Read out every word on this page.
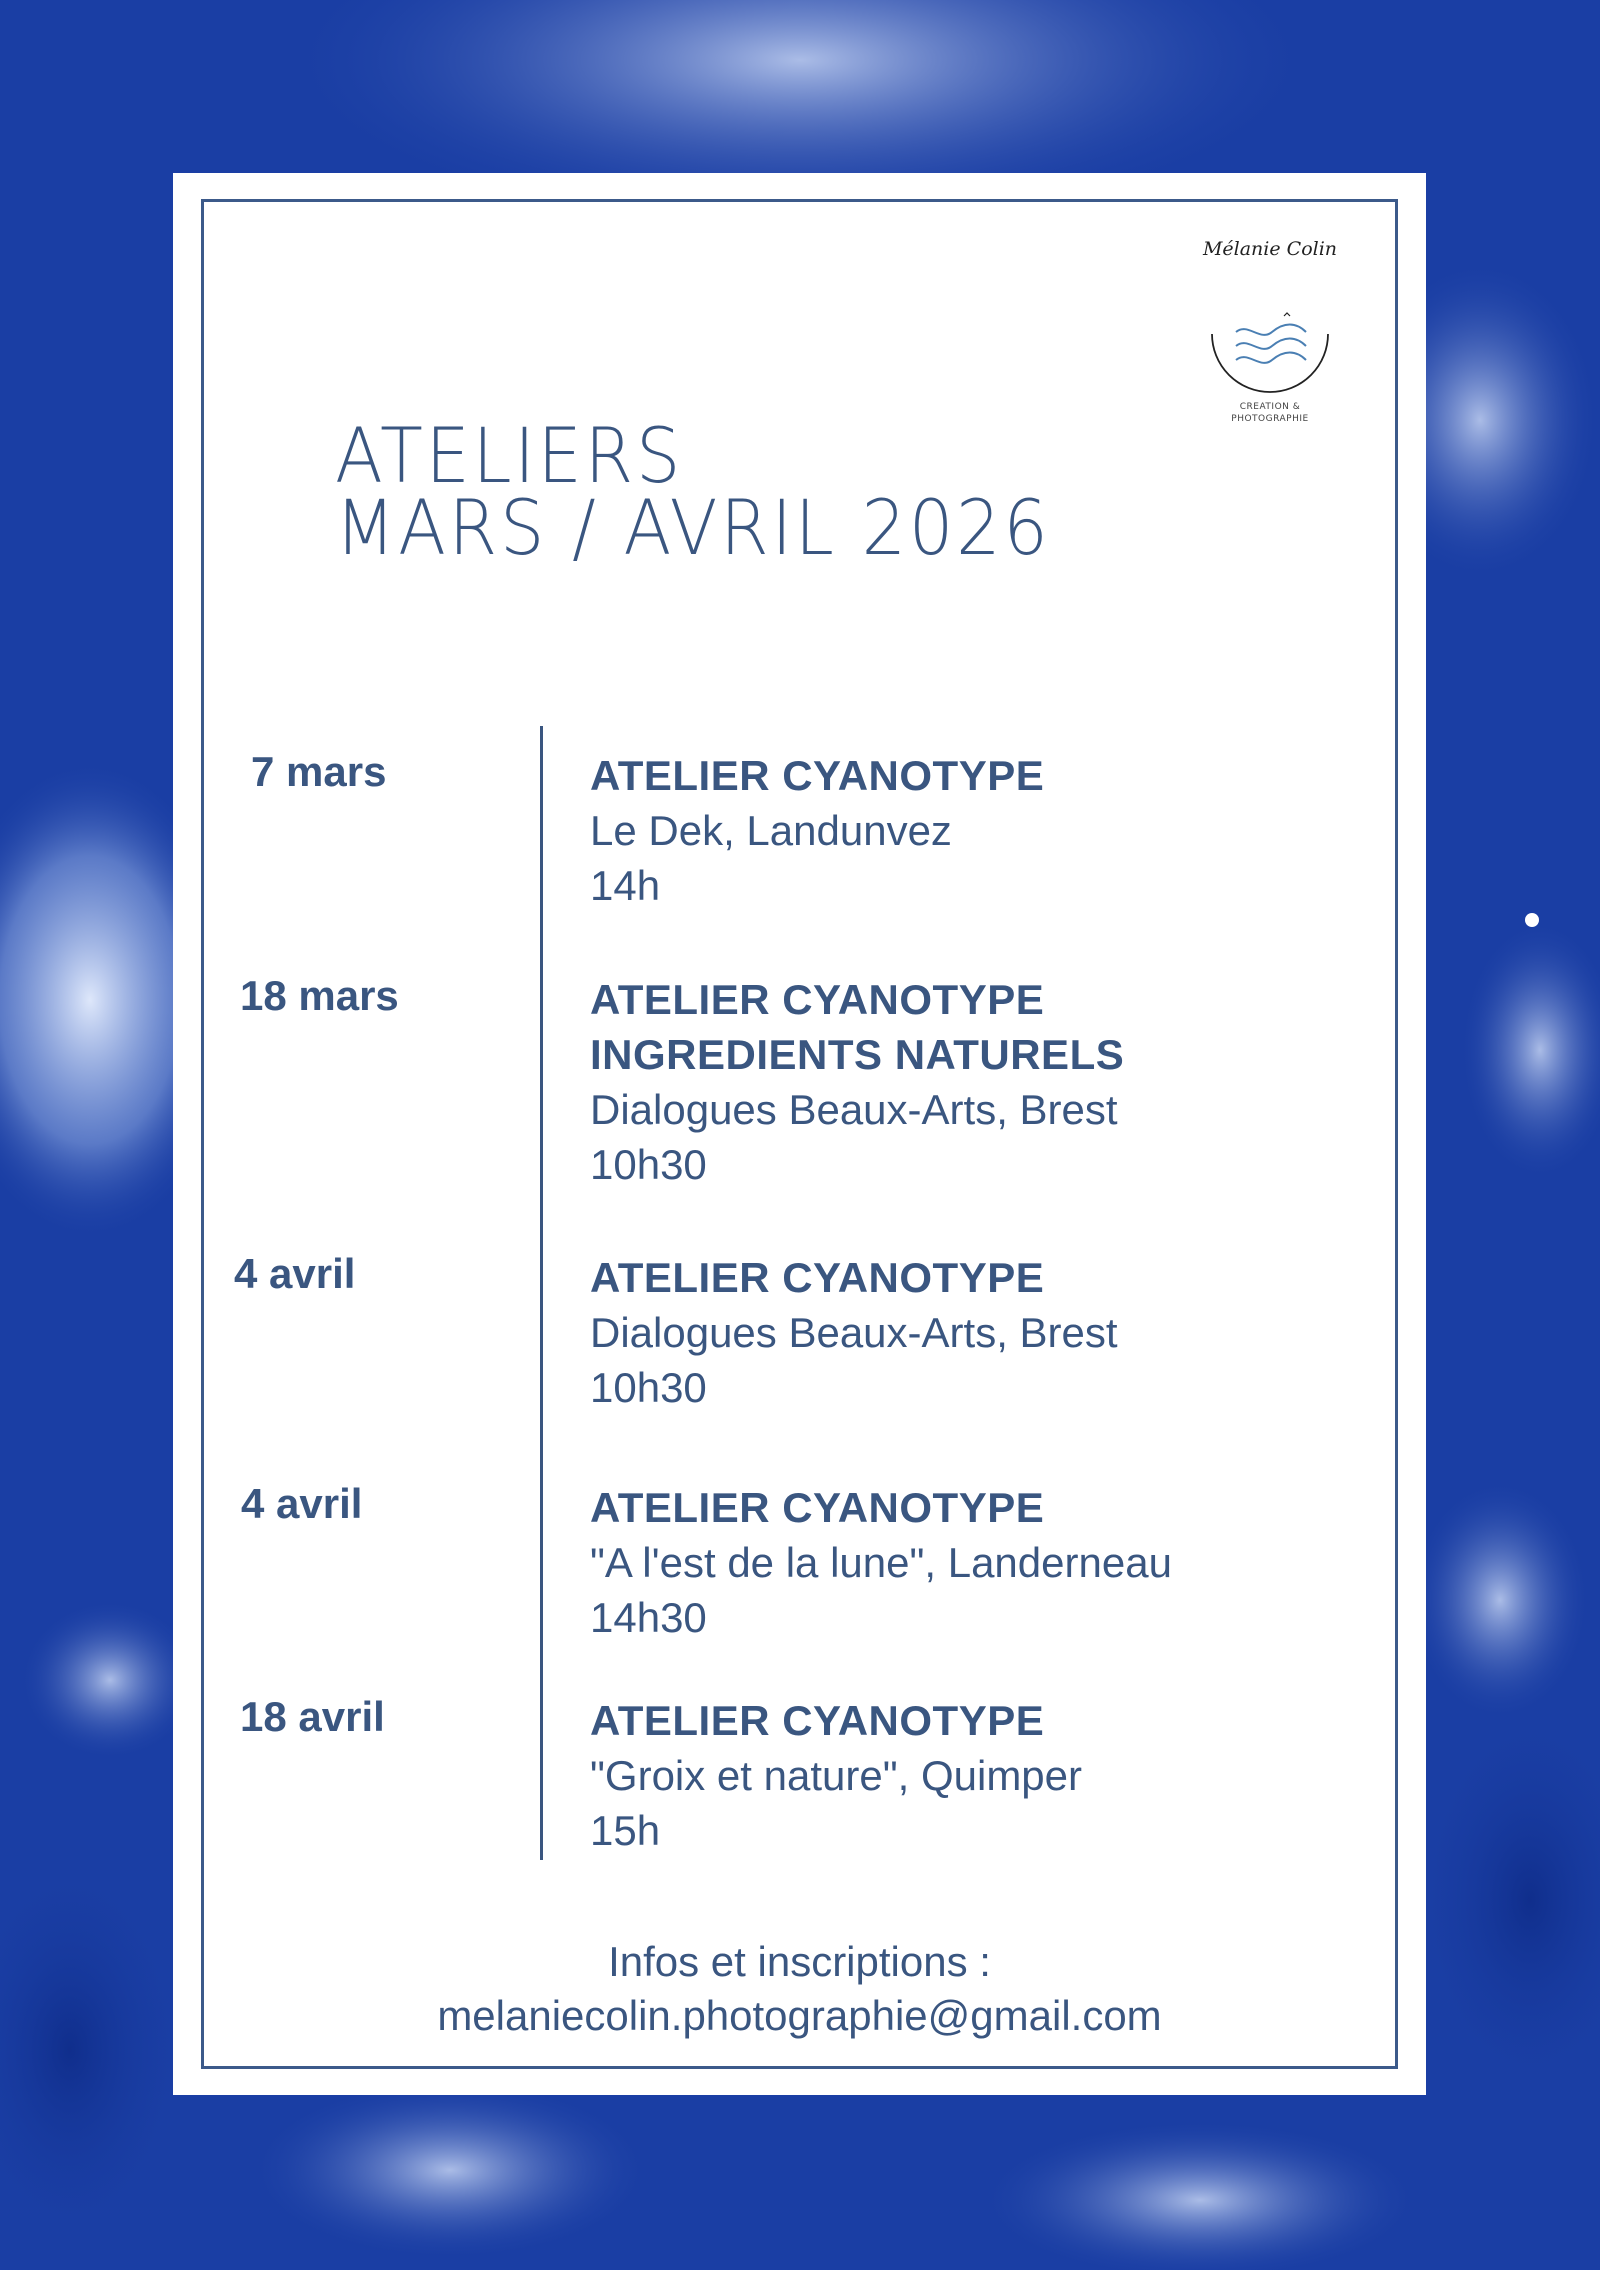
Mélanie Colin
CREATION &
PHOTOGRAPHIE
ATELIERS
MARS / AVRIL 2026
7 mars	ATELIER CYANOTYPE
Le Dek, Landunvez
14h
18 mars	ATELIER CYANOTYPE
INGREDIENTS NATURELS
Dialogues Beaux-Arts, Brest
10h30
4 avril	ATELIER CYANOTYPE
Dialogues Beaux-Arts, Brest
10h30
4 avril	ATELIER CYANOTYPE
"A l'est de la lune", Landerneau
14h30
18 avril	ATELIER CYANOTYPE
"Groix et nature", Quimper
15h
Infos et inscriptions :
melaniecolin.photographie@gmail.com
